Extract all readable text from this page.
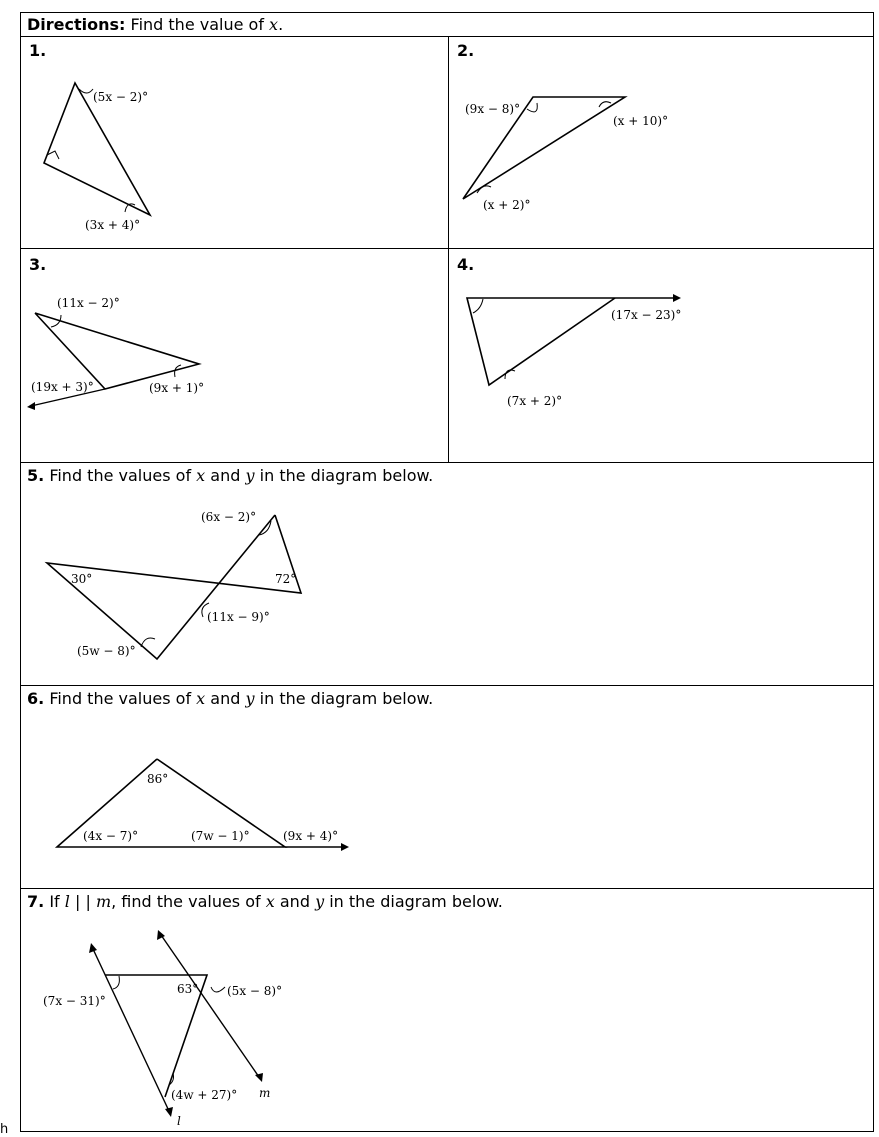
Directions: Find the value of x.
1.
(5x − 2)°
(3x + 4)°
2.
(9x − 8)°
(x + 10)°
(x + 2)°
3.
(11x − 2)°
(19x + 3)°	(9x + 1)°
4.
(17x − 23)°
(7x + 2)°
5. Find the values of x and y in the diagram below.
(6x − 2)°
30°	72°
(11x − 9)°
(5w − 8)°
6. Find the values of x and y in the diagram below.
86°
(4x − 7)°	(7w − 1)°	(9x + 4)°
7. If l | | m, find the values of x and y in the diagram below.
(7x − 31)°
63° (5x − 8)°
(4w + 27)° m
l
h
